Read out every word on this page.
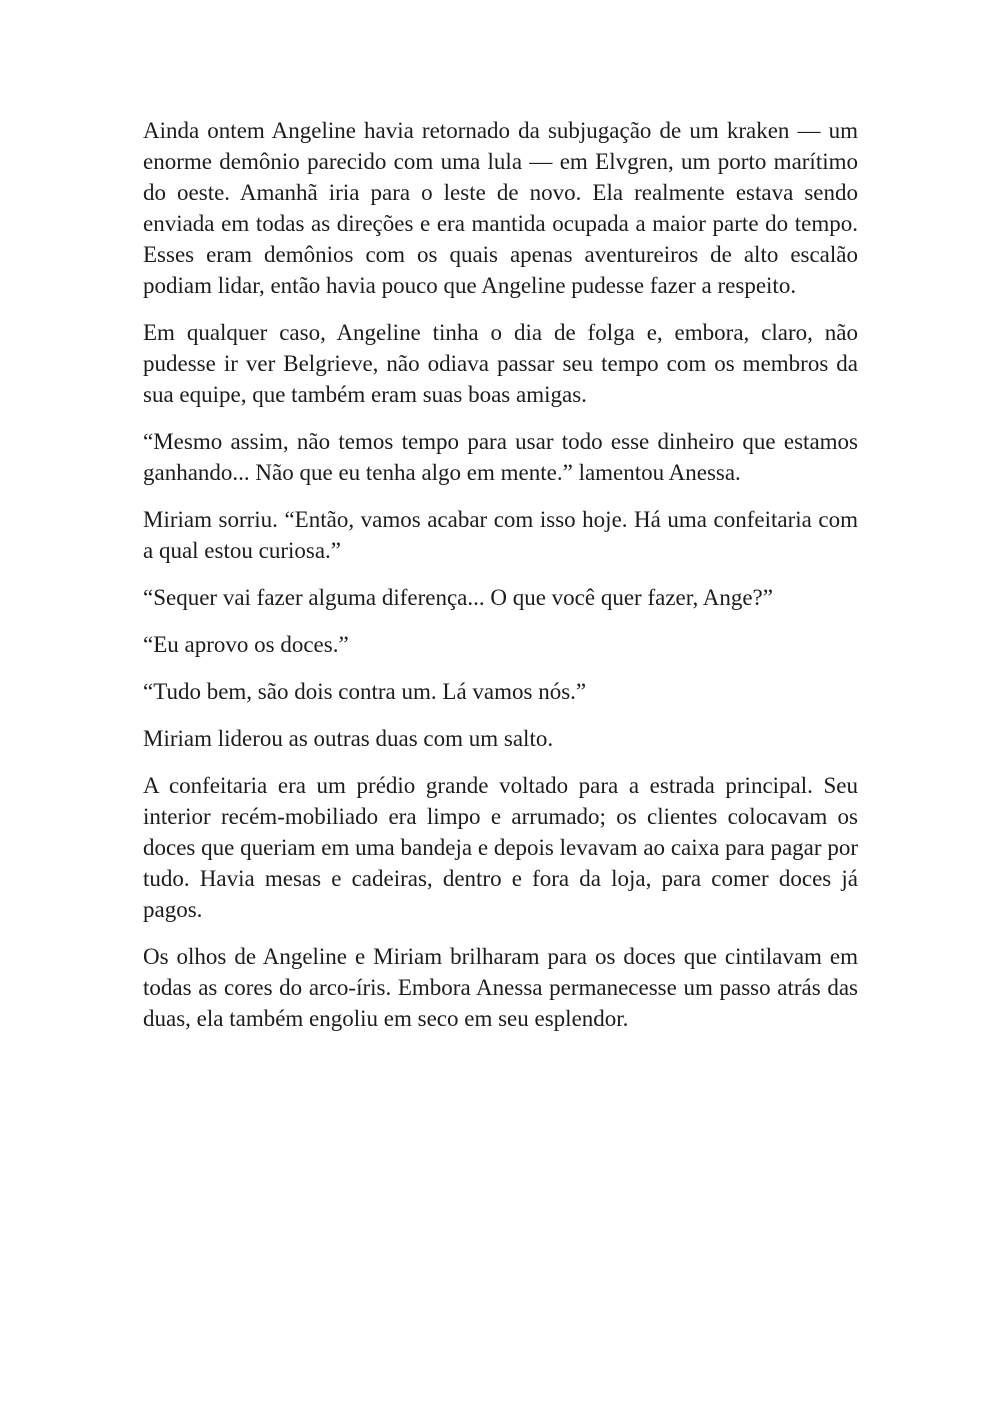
Ainda ontem Angeline havia retornado da subjugação de um kraken — um enorme demônio parecido com uma lula — em Elvgren, um porto marítimo do oeste. Amanhã iria para o leste de novo. Ela realmente estava sendo enviada em todas as direções e era mantida ocupada a maior parte do tempo. Esses eram demônios com os quais apenas aventureiros de alto escalão podiam lidar, então havia pouco que Angeline pudesse fazer a respeito.

Em qualquer caso, Angeline tinha o dia de folga e, embora, claro, não pudesse ir ver Belgrieve, não odiava passar seu tempo com os membros da sua equipe, que também eram suas boas amigas.

“Mesmo assim, não temos tempo para usar todo esse dinheiro que estamos ganhando... Não que eu tenha algo em mente.” lamentou Anessa.

Miriam sorriu. “Então, vamos acabar com isso hoje. Há uma confeitaria com a qual estou curiosa.”

“Sequer vai fazer alguma diferença... O que você quer fazer, Ange?”

“Eu aprovo os doces.”

“Tudo bem, são dois contra um. Lá vamos nós.”

Miriam liderou as outras duas com um salto.

A confeitaria era um prédio grande voltado para a estrada principal. Seu interior recém-mobiliado era limpo e arrumado; os clientes colocavam os doces que queriam em uma bandeja e depois levavam ao caixa para pagar por tudo. Havia mesas e cadeiras, dentro e fora da loja, para comer doces já pagos.

Os olhos de Angeline e Miriam brilharam para os doces que cintilavam em todas as cores do arco-íris. Embora Anessa permanecesse um passo atrás das duas, ela também engoliu em seco em seu esplendor.
